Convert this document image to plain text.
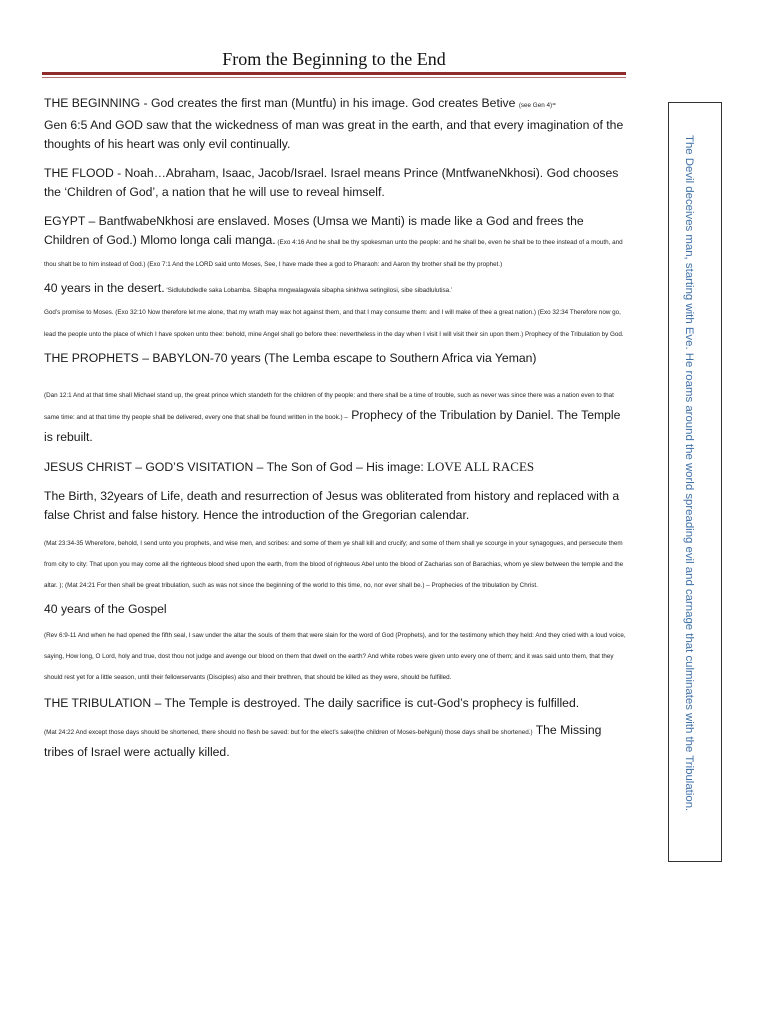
From the Beginning to the End
THE BEGINNING - God creates the first man (Muntfu) in his image. God creates Betive (see Gen 4)-
Gen 6:5 And GOD saw that the wickedness of man was great in the earth, and that every imagination of the thoughts of his heart was only evil continually.
THE FLOOD - Noah…Abraham, Isaac, Jacob/Israel. Israel means Prince (MntfwaneNkhosi). God chooses the ‘Children of God’, a nation that he will use to reveal himself.
EGYPT – BantfwabeNkhosi are enslaved. Moses (Umsa we Manti) is made like a God and frees the Children of God.) Mlomo longa cali manga. (Exo 4:16 And he shall be thy spokesman unto the people: and he shall be, even he shall be to thee instead of a mouth, and thou shalt be to him instead of God.) (Exo 7:1 And the LORD said unto Moses, See, I have made thee a god to Pharaoh: and Aaron thy brother shall be thy prophet.)
40 years in the desert. ‘Sidlulubdledle saka Lobamba. Sibapha mngwalagwala sibapha sinkhwa setingilosi, sibe sibadlulutisa.’
God’s promise to Moses. (Exo 32:10 Now therefore let me alone, that my wrath may wax hot against them, and that I may consume them: and I will make of thee a great nation.) (Exo 32:34 Therefore now go, lead the people unto the place of which I have spoken unto thee: behold, mine Angel shall go before thee: nevertheless in the day when I visit I will visit their sin upon them.) Prophecy of the Tribulation by God.
THE PROPHETS – BABYLON-70 years (The Lemba escape to Southern Africa via Yeman)
(Dan 12:1 And at that time shall Michael stand up, the great prince which standeth for the children of thy people: and there shall be a time of trouble, such as never was since there was a nation even to that same time: and at that time thy people shall be delivered, every one that shall be found written in the book.) – Prophecy of the Tribulation by Daniel. The Temple is rebuilt.
JESUS CHRIST – GOD’S VISITATION – The Son of God – His image: LOVE ALL RACES
The Birth, 32years of Life, death and resurrection of Jesus was obliterated from history and replaced with a false Christ and false history. Hence the introduction of the Gregorian calendar.

(Mat 23:34-35 Wherefore, behold, I send unto you prophets, and wise men, and scribes: and some of them ye shall kill and crucify; and some of them shall ye scourge in your synagogues, and persecute them from city to city: That upon you may come all the righteous blood shed upon the earth, from the blood of righteous Abel unto the blood of Zacharias son of Barachias, whom ye slew between the temple and the altar. ); (Mat 24:21 For then shall be great tribulation, such as was not since the beginning of the world to this time, no, nor ever shall be.) – Prophecies of the tribulation by Christ.

40 years of the Gospel

(Rev 6:9-11 And when he had opened the fifth seal, I saw under the altar the souls of them that were slain for the word of God (Prophets), and for the testimony which they held: And they cried with a loud voice, saying, How long, O Lord, holy and true, dost thou not judge and avenge our blood on them that dwell on the earth? And white robes were given unto every one of them; and it was said unto them, that they should rest yet for a little season, until their fellowservants (Disciples) also and their brethren, that should be killed as they were, should be fulfilled.

THE TRIBULATION – The Temple is destroyed. The daily sacrifice is cut-God’s prophecy is fulfilled.
(Mat 24:22 And except those days should be shortened, there should no flesh be saved: but for the elect’s sake(the children of Moses-beNguni) those days shall be shortened.) The Missing tribes of Israel were actually killed.	The Devil deceives man, starting with Eve. He roams around the world spreading evil and carnage that culminates with the Tribulation.
